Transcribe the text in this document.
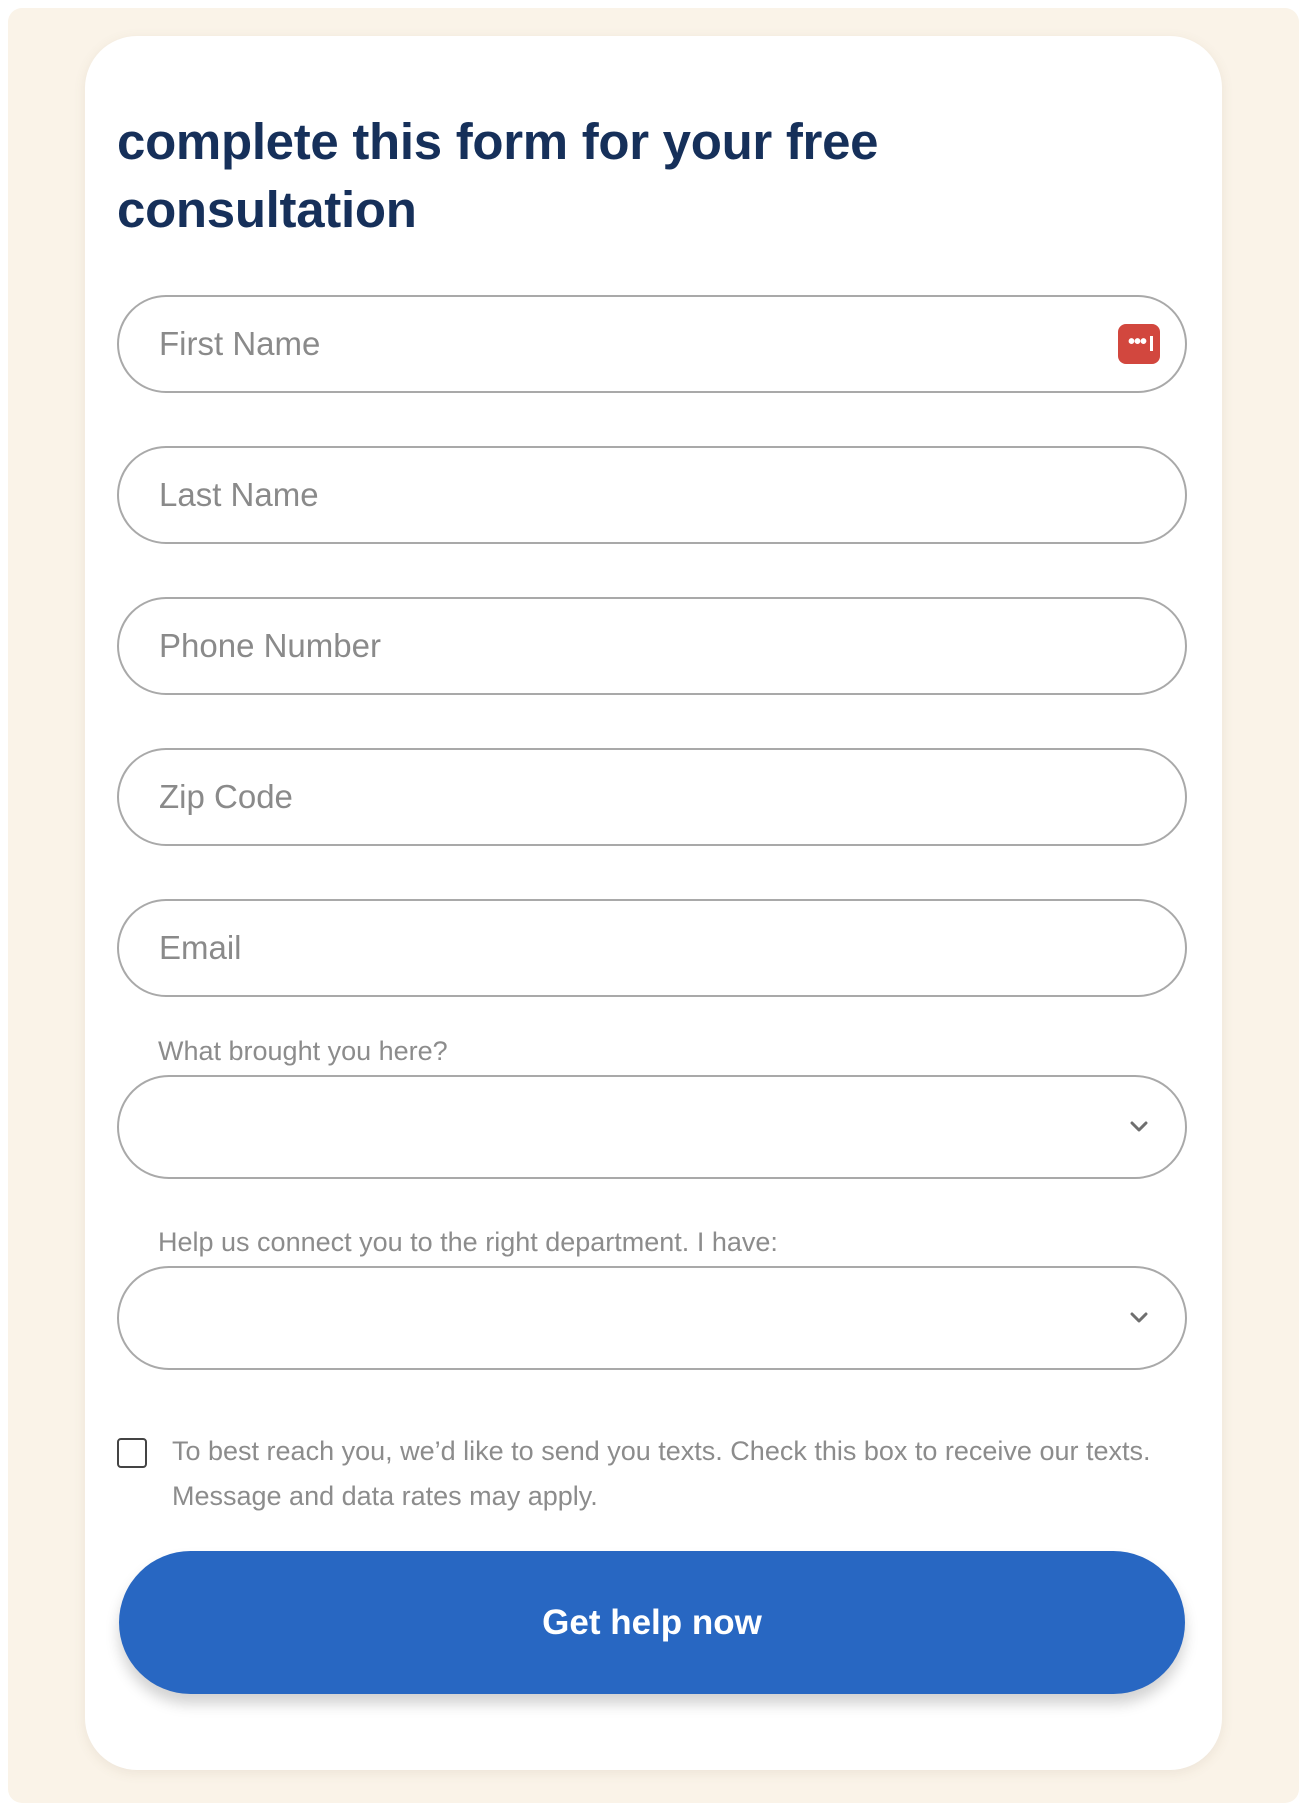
complete this form for your free consultation
First Name
•••
Last Name
Phone Number
Zip Code
Email

What brought you here?

Help us connect you to the right department. I have:

To best reach you, we’d like to send you texts. Check this box to receive our texts. Message and data rates may apply.

Get help now
